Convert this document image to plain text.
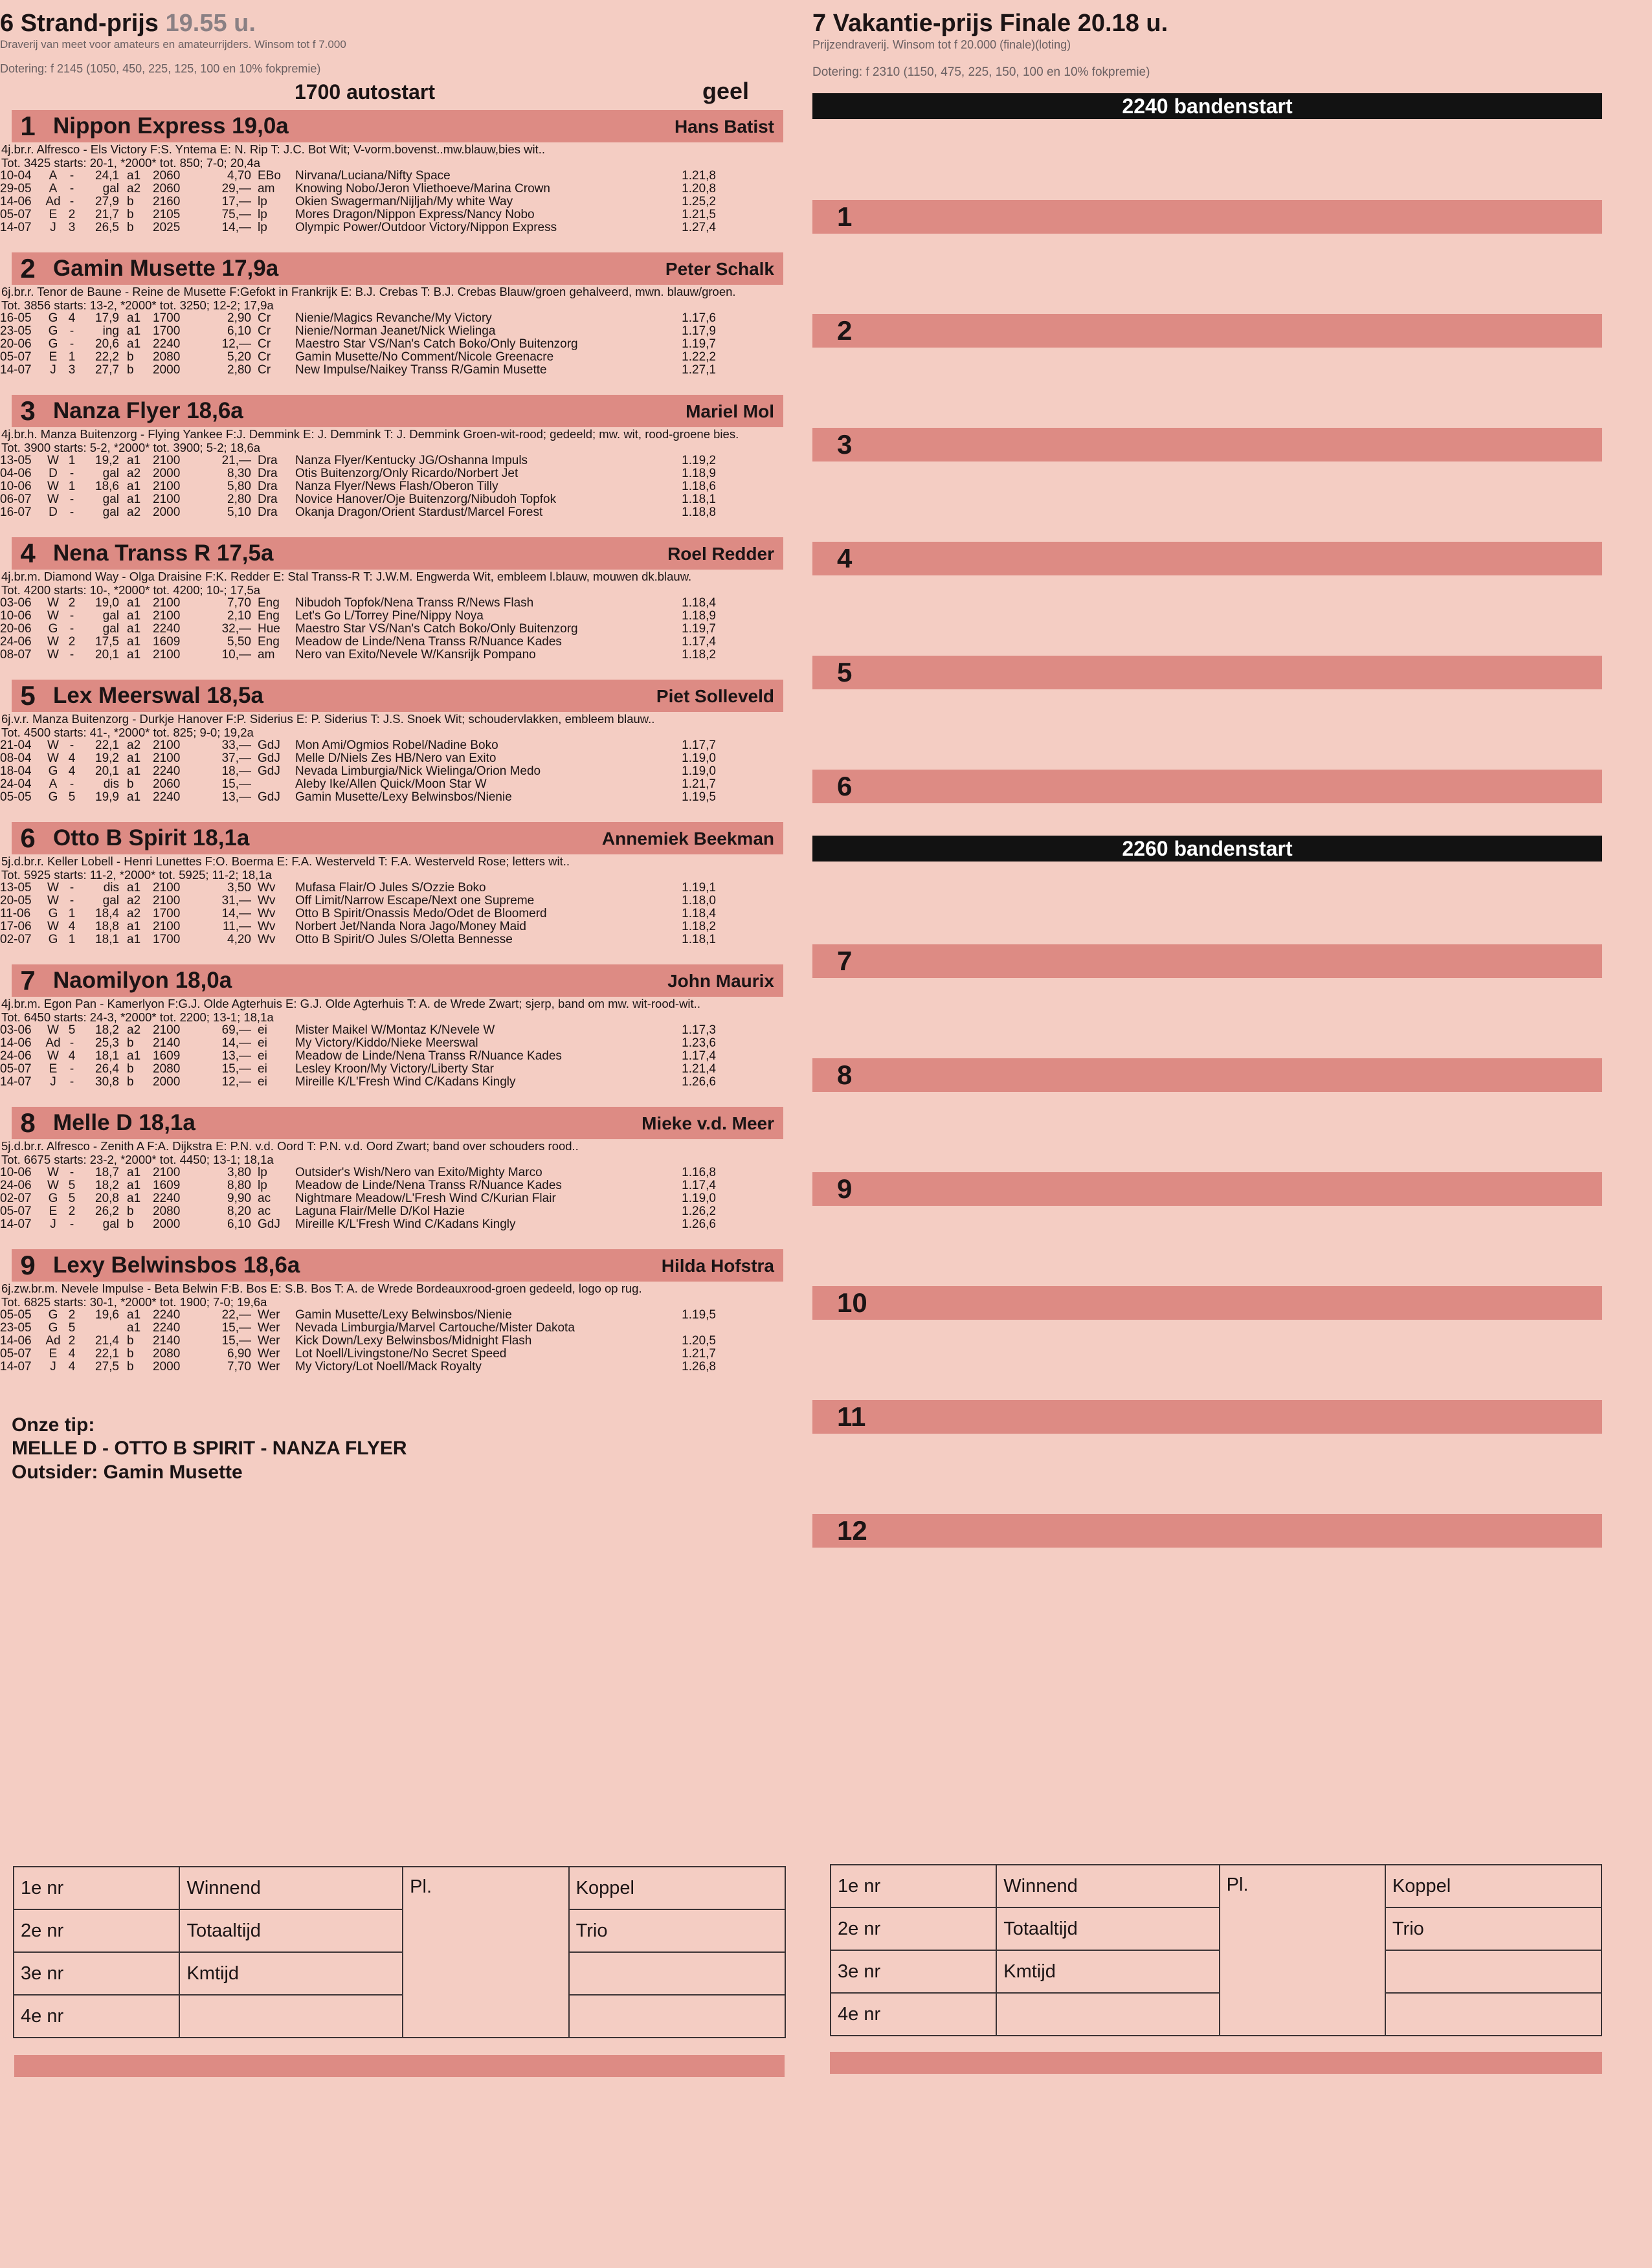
6 Strand-prijs 19.55 u.
Draverij van meet voor amateurs en amateurrijders. Winsom tot f 7.000
Dotering: f 2145 (1050, 450, 225, 125, 100 en 10% fokpremie)
1700 autostart	geel
1 Nippon Express 19,0a	Hans Batist
4j.br.r. Alfresco - Els Victory F:S. Yntema E: N. Rip T: J.C. Bot Wit; V-vorm.bovenst..mw.blauw,bies wit..
Tot. 3425 starts: 20-1, *2000* tot. 850; 7-0; 20,4a
10-04	A	-	24,1	a1	2060	4,70	EBo	Nirvana/Luciana/Nifty Space	1.21,8
29-05	A	-	gal	a2	2060	29,—	am	Knowing Nobo/Jeron Vliethoeve/Marina Crown	1.20,8
14-06	Ad	-	27,9	b	2160	17,—	lp	Okien Swagerman/Nijljah/My white Way	1.25,2
05-07	E	2	21,7	b	2105	75,—	lp	Mores Dragon/Nippon Express/Nancy Nobo	1.21,5
14-07	J	3	26,5	b	2025	14,—	lp	Olympic Power/Outdoor Victory/Nippon Express	1.27,4
2 Gamin Musette 17,9a	Peter Schalk
6j.br.r. Tenor de Baune - Reine de Musette F:Gefokt in Frankrijk E: B.J. Crebas T: B.J. Crebas Blauw/groen gehalveerd, mwn. blauw/groen.
Tot. 3856 starts: 13-2, *2000* tot. 3250; 12-2; 17,9a
16-05	G	4	17,9	a1	1700	2,90	Cr	Nienie/Magics Revanche/My Victory	1.17,6
23-05	G	-	ing	a1	1700	6,10	Cr	Nienie/Norman Jeanet/Nick Wielinga	1.17,9
20-06	G	-	20,6	a1	2240	12,—	Cr	Maestro Star VS/Nan's Catch Boko/Only Buitenzorg	1.19,7
05-07	E	1	22,2	b	2080	5,20	Cr	Gamin Musette/No Comment/Nicole Greenacre	1.22,2
14-07	J	3	27,7	b	2000	2,80	Cr	New Impulse/Naikey Transs R/Gamin Musette	1.27,1
3 Nanza Flyer 18,6a	Mariel Mol
4j.br.h. Manza Buitenzorg - Flying Yankee F:J. Demmink E: J. Demmink T: J. Demmink Groen-wit-rood; gedeeld; mw. wit, rood-groene bies.
Tot. 3900 starts: 5-2, *2000* tot. 3900; 5-2; 18,6a
13-05	W	1	19,2	a1	2100	21,—	Dra	Nanza Flyer/Kentucky JG/Oshanna Impuls	1.19,2
04-06	D	-	gal	a2	2000	8,30	Dra	Otis Buitenzorg/Only Ricardo/Norbert Jet	1.18,9
10-06	W	1	18,6	a1	2100	5,80	Dra	Nanza Flyer/News Flash/Oberon Tilly	1.18,6
06-07	W	-	gal	a1	2100	2,80	Dra	Novice Hanover/Oje Buitenzorg/Nibudoh Topfok	1.18,1
16-07	D	-	gal	a2	2000	5,10	Dra	Okanja Dragon/Orient Stardust/Marcel Forest	1.18,8
4 Nena Transs R 17,5a	Roel Redder
4j.br.m. Diamond Way - Olga Draisine F:K. Redder E: Stal Transs-R T: J.W.M. Engwerda Wit, embleem l.blauw, mouwen dk.blauw.
Tot. 4200 starts: 10-, *2000* tot. 4200; 10-; 17,5a
03-06	W	2	19,0	a1	2100	7,70	Eng	Nibudoh Topfok/Nena Transs R/News Flash	1.18,4
10-06	W	-	gal	a1	2100	2,10	Eng	Let's Go L/Torrey Pine/Nippy Noya	1.18,9
20-06	G	-	gal	a1	2240	32,—	Hue	Maestro Star VS/Nan's Catch Boko/Only Buitenzorg	1.19,7
24-06	W	2	17,5	a1	1609	5,50	Eng	Meadow de Linde/Nena Transs R/Nuance Kades	1.17,4
08-07	W	-	20,1	a1	2100	10,—	am	Nero van Exito/Nevele W/Kansrijk Pompano	1.18,2
5 Lex Meerswal 18,5a	Piet Solleveld
6j.v.r. Manza Buitenzorg - Durkje Hanover F:P. Siderius E: P. Siderius T: J.S. Snoek Wit; schoudervlakken, embleem blauw..
Tot. 4500 starts: 41-, *2000* tot. 825; 9-0; 19,2a
21-04	W	-	22,1	a2	2100	33,—	GdJ	Mon Ami/Ogmios Robel/Nadine Boko	1.17,7
08-04	W	4	19,2	a1	2100	37,—	GdJ	Melle D/Niels Zes HB/Nero van Exito	1.19,0
18-04	G	4	20,1	a1	2240	18,—	GdJ	Nevada Limburgia/Nick Wielinga/Orion Medo	1.19,0
24-04	A	-	dis	b	2060	15,—		Aleby Ike/Allen Quick/Moon Star W	1.21,7
05-05	G	5	19,9	a1	2240	13,—	GdJ	Gamin Musette/Lexy Belwinsbos/Nienie	1.19,5
6 Otto B Spirit 18,1a	Annemiek Beekman
5j.d.br.r. Keller Lobell - Henri Lunettes F:O. Boerma E: F.A. Westerveld T: F.A. Westerveld Rose; letters wit..
Tot. 5925 starts: 11-2, *2000* tot. 5925; 11-2; 18,1a
13-05	W	-	dis	a1	2100	3,50	Wv	Mufasa Flair/O Jules S/Ozzie Boko	1.19,1
20-05	W	-	gal	a2	2100	31,—	Wv	Off Limit/Narrow Escape/Next one Supreme	1.18,0
11-06	G	1	18,4	a2	1700	14,—	Wv	Otto B Spirit/Onassis Medo/Odet de Bloomerd	1.18,4
17-06	W	4	18,8	a1	2100	11,—	Wv	Norbert Jet/Nanda Nora Jago/Money Maid	1.18,2
02-07	G	1	18,1	a1	1700	4,20	Wv	Otto B Spirit/O Jules S/Oletta Bennesse	1.18,1
7 Naomilyon 18,0a	John Maurix
4j.br.m. Egon Pan - Kamerlyon F:G.J. Olde Agterhuis E: G.J. Olde Agterhuis T: A. de Wrede Zwart; sjerp, band om mw. wit-rood-wit..
Tot. 6450 starts: 24-3, *2000* tot. 2200; 13-1; 18,1a
03-06	W	5	18,2	a2	2100	69,—	ei	Mister Maikel W/Montaz K/Nevele W	1.17,3
14-06	Ad	-	25,3	b	2140	14,—	ei	My Victory/Kiddo/Nieke Meerswal	1.23,6
24-06	W	4	18,1	a1	1609	13,—	ei	Meadow de Linde/Nena Transs R/Nuance Kades	1.17,4
05-07	E	-	26,4	b	2080	15,—	ei	Lesley Kroon/My Victory/Liberty Star	1.21,4
14-07	J	-	30,8	b	2000	12,—	ei	Mireille K/L'Fresh Wind C/Kadans Kingly	1.26,6
8 Melle D 18,1a	Mieke v.d. Meer
5j.d.br.r. Alfresco - Zenith A F:A. Dijkstra E: P.N. v.d. Oord T: P.N. v.d. Oord Zwart; band over schouders rood..
Tot. 6675 starts: 23-2, *2000* tot. 4450; 13-1; 18,1a
10-06	W	-	18,7	a1	2100	3,80	lp	Outsider's Wish/Nero van Exito/Mighty Marco	1.16,8
24-06	W	5	18,2	a1	1609	8,80	lp	Meadow de Linde/Nena Transs R/Nuance Kades	1.17,4
02-07	G	5	20,8	a1	2240	9,90	ac	Nightmare Meadow/L'Fresh Wind C/Kurian Flair	1.19,0
05-07	E	2	26,2	b	2080	8,20	ac	Laguna Flair/Melle D/Kol Hazie	1.26,2
14-07	J	-	gal	b	2000	6,10	GdJ	Mireille K/L'Fresh Wind C/Kadans Kingly	1.26,6
9 Lexy Belwinsbos 18,6a	Hilda Hofstra
6j.zw.br.m. Nevele Impulse - Beta Belwin F:B. Bos E: S.B. Bos T: A. de Wrede Bordeauxrood-groen gedeeld, logo op rug.
Tot. 6825 starts: 30-1, *2000* tot. 1900; 7-0; 19,6a
05-05	G	2	19,6	a1	2240	22,—	Wer	Gamin Musette/Lexy Belwinsbos/Nienie	1.19,5
23-05	G	5		a1	2240	15,—	Wer	Nevada Limburgia/Marvel Cartouche/Mister Dakota	
14-06	Ad	2	21,4	b	2140	15,—	Wer	Kick Down/Lexy Belwinsbos/Midnight Flash	1.20,5
05-07	E	4	22,1	b	2080	6,90	Wer	Lot Noell/Livingstone/No Secret Speed	1.21,7
14-07	J	4	27,5	b	2000	7,70	Wer	My Victory/Lot Noell/Mack Royalty	1.26,8
Onze tip:
MELLE D - OTTO B SPIRIT - NANZA FLYER
Outsider: Gamin Musette
7 Vakantie-prijs Finale 20.18 u.
Prijzendraverij. Winsom tot f 20.000 (finale)(loting)
Dotering: f 2310 (1150, 475, 225, 150, 100 en 10% fokpremie)
2240 bandenstart
1
2
3
4
5
6
2260 bandenstart
7
8
9
10
11
12
1e nr	Winnend	Pl.	Koppel
2e nr	Totaaltijd		Trio
3e nr	Kmtijd		
4e nr			
1e nr	Winnend	Pl.	Koppel
2e nr	Totaaltijd		Trio
3e nr	Kmtijd		
4e nr			
